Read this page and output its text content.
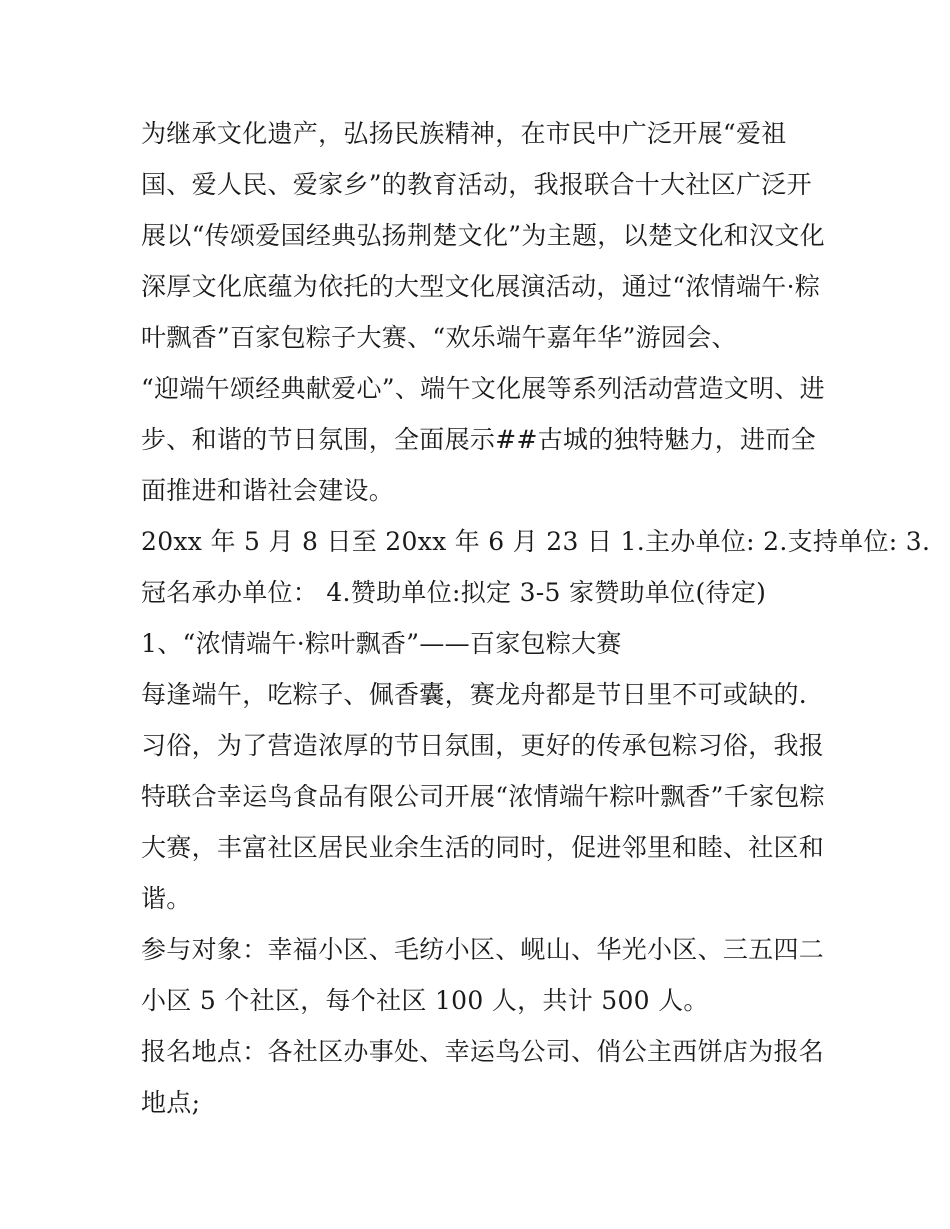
为继承文化遗产，弘扬民族精神，在市民中广泛开展“爱祖
国、爱人民、爱家乡”的教育活动，我报联合十大社区广泛开
展以“传颂爱国经典弘扬荆楚文化”为主题，以楚文化和汉文化
深厚文化底蕴为依托的大型文化展演活动，通过“浓情端午·粽
叶飘香”百家包粽子大赛、“欢乐端午嘉年华”游园会、
“迎端午颂经典献爱心”、端午文化展等系列活动营造文明、进
步、和谐的节日氛围，全面展示##古城的独特魅力，进而全
面推进和谐社会建设。
20xx 年 5 月 8 日至 20xx 年 6 月 23 日 1.主办单位: 2.支持单位: 3.
冠名承办单位： 4.赞助单位:拟定 3-5 家赞助单位(待定)
1、“浓情端午·粽叶飘香”——百家包粽大赛
每逢端午，吃粽子、佩香囊，赛龙舟都是节日里不可或缺的.
习俗，为了营造浓厚的节日氛围，更好的传承包粽习俗，我报
特联合幸运鸟食品有限公司开展“浓情端午粽叶飘香”千家包粽
大赛，丰富社区居民业余生活的同时，促进邻里和睦、社区和
谐。
参与对象：幸福小区、毛纺小区、岘山、华光小区、三五四二
小区 5 个社区，每个社区 100 人，共计 500 人。
报名地点：各社区办事处、幸运鸟公司、俏公主西饼店为报名
地点;
